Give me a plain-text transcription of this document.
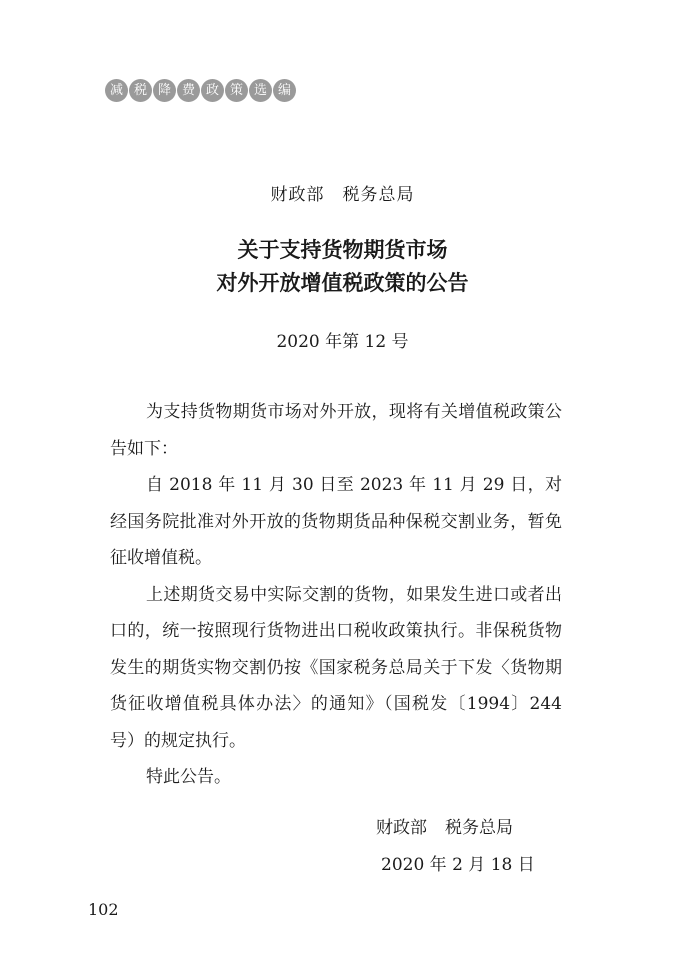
减 税 降 费 政 策 选 编
财政部 税务总局
关于支持货物期货市场
对外开放增值税政策的公告
2020 年第 12 号

为支持货物期货市场对外开放，现将有关增值税政策公告如下：

自 2018 年 11 月 30 日至 2023 年 11 月 29 日，对经国务院批准对外开放的货物期货品种保税交割业务，暂免征收增值税。

上述期货交易中实际交割的货物，如果发生进口或者出口的，统一按照现行货物进出口税收政策执行。非保税货物发生的期货实物交割仍按《国家税务总局关于下发〈货物期货征收增值税具体办法〉的通知》（国税发〔1994〕244 号）的规定执行。

特此公告。

财政部 税务总局
2020 年 2 月 18 日
102
